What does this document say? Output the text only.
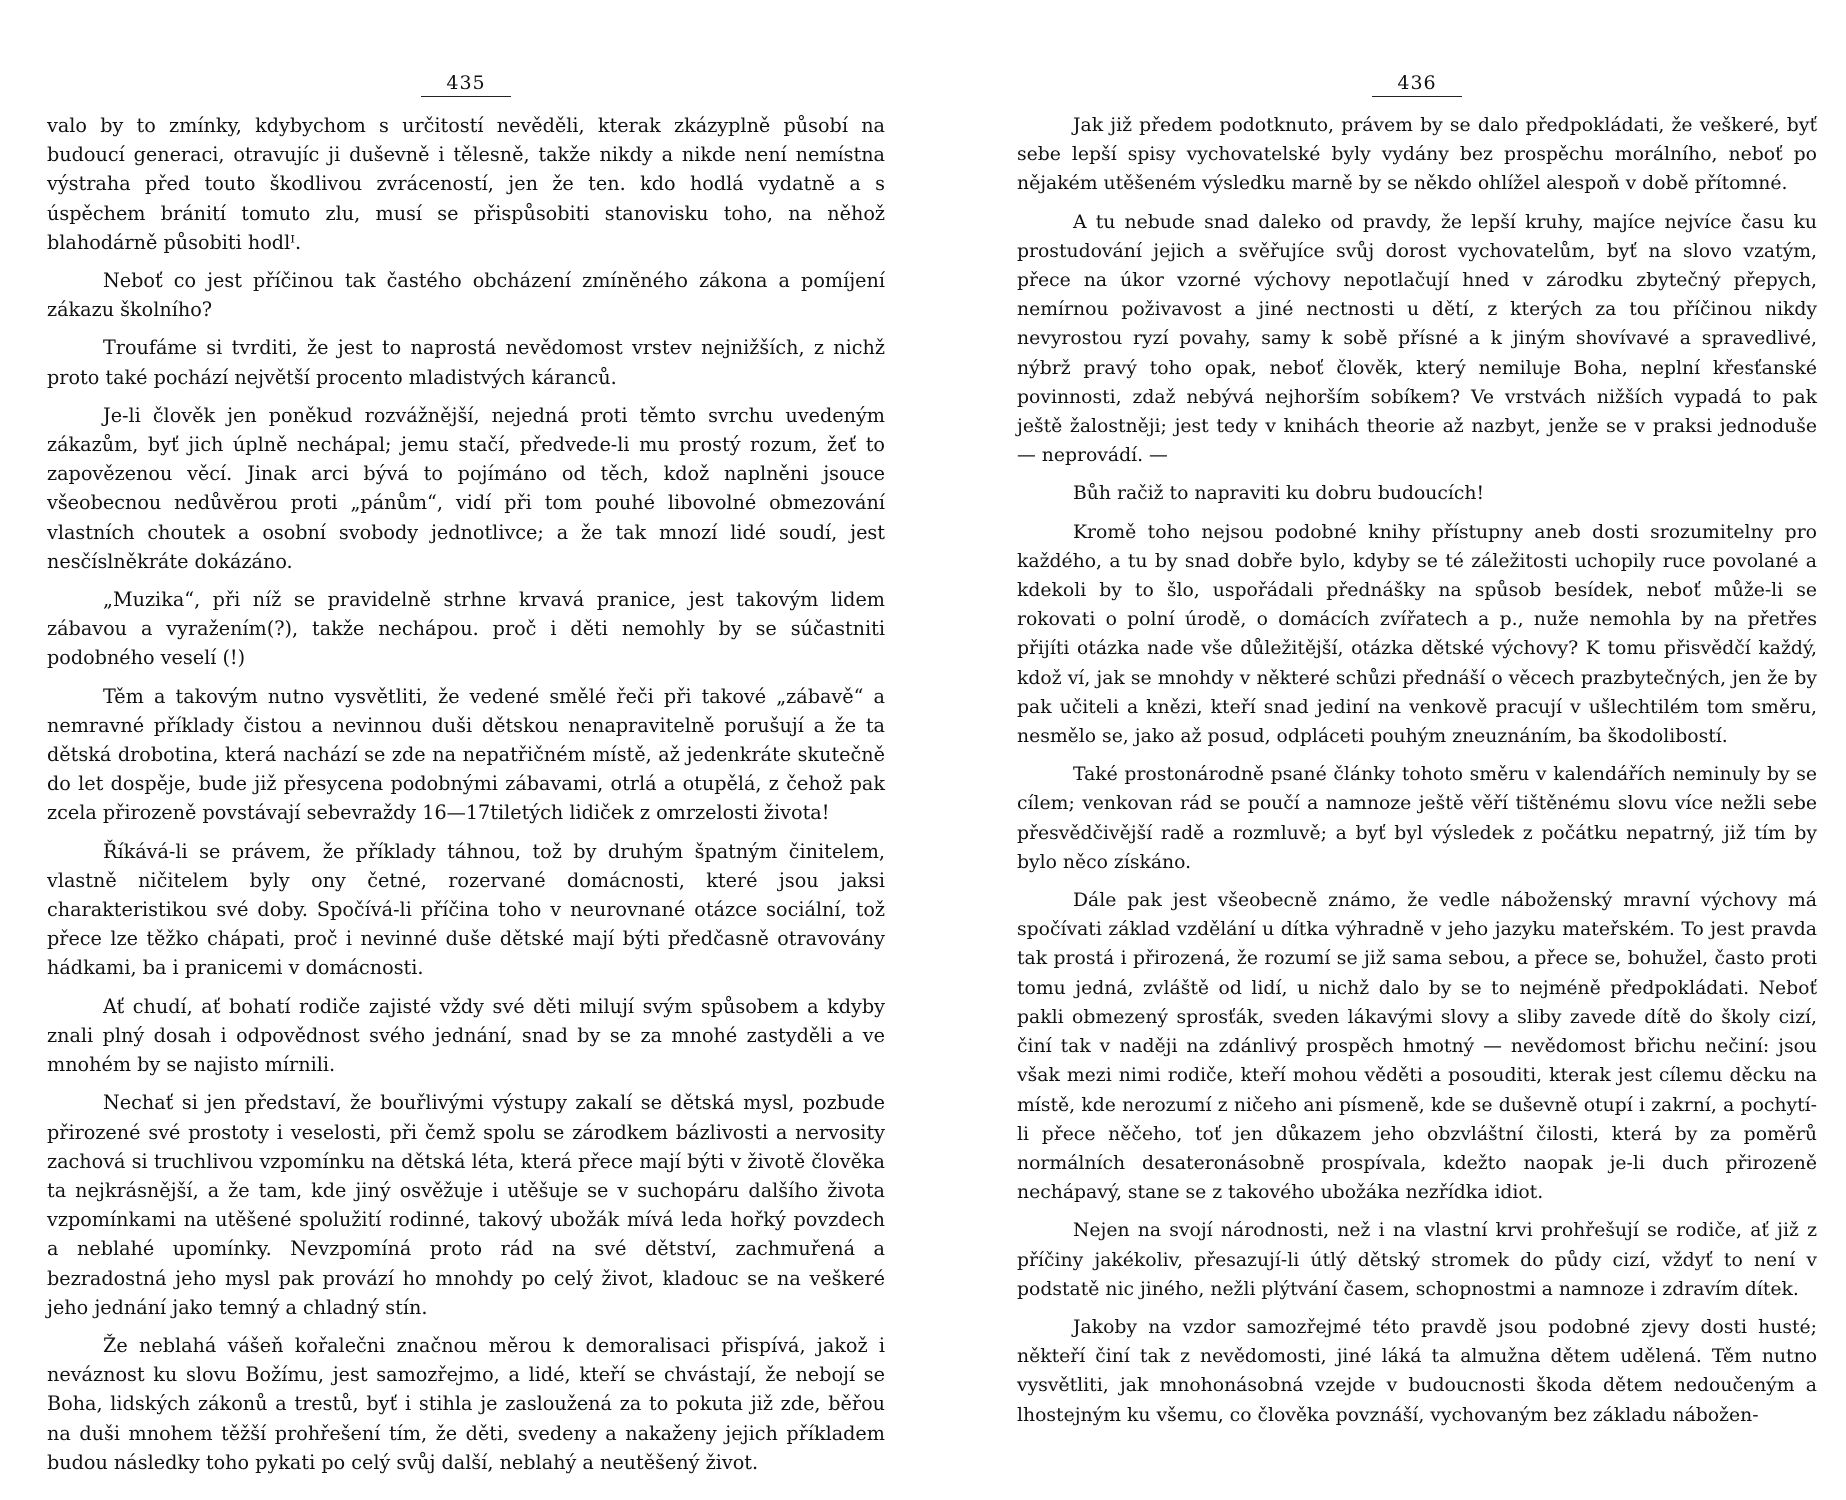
435

valo by to zmínky, kdybychom s určitostí nevěděli, kterak zkázyplně působí na budoucí generaci, otravujíc ji duševně i tělesně, takže nikdy a nikde není nemístna výstraha před touto škodlivou zvráceností, jen že ten. kdo hodlá vydatně a s úspěchem bránití tomuto zlu, musí se přispůsobiti stanovisku toho, na něhož blahodárně působiti hodlᴵ.

Neboť co jest příčinou tak častého obcházení zmíněného zákona a pomíjení zákazu školního?

Troufáme si tvrditi, že jest to naprostá nevědomost vrstev nejnižších, z nichž proto také pochází největší procento mladistvých káranců.

Je-li člověk jen poněkud rozvážnější, nejedná proti těmto svrchu uvedeným zákazům, byť jich úplně nechápal; jemu stačí, předvede-li mu prostý rozum, žeť to zapovězenou věcí. Jinak arci bývá to pojímáno od těch, kdož naplněni jsouce všeobecnou nedůvěrou proti „pánům“, vidí při tom pouhé libovolné obmezování vlastních choutek a osobní svobody jednotlivce; a že tak mnozí lidé soudí, jest nesčíslněkráte dokázáno.

„Muzika“, při níž se pravidelně strhne krvavá pranice, jest takovým lidem zábavou a vyražením(?), takže nechápou. proč i děti nemohly by se súčastniti podobného veselí (!)

Těm a takovým nutno vysvětliti, že vedené smělé řeči při takové „zábavě“ a nemravné příklady čistou a nevinnou duši dětskou nenapravitelně porušují a že ta dětská drobotina, která nachází se zde na nepatřičném místě, až jedenkráte skutečně do let dospěje, bude již přesycena podobnými zábavami, otrlá a otupělá, z čehož pak zcela přirozeně povstávají sebevraždy 16—17tiletých lidiček z omrzelosti života!

Říkává-li se právem, že příklady táhnou, tož by druhým špatným činitelem, vlastně ničitelem byly ony četné, rozervané domácnosti, které jsou jaksi charakteristikou své doby. Spočívá-li příčina toho v neurovnané otázce sociální, tož přece lze těžko chápati, proč i nevinné duše dětské mají býti předčasně otravovány hádkami, ba i pranicemi v domácnosti.

Ať chudí, ať bohatí rodiče zajisté vždy své děti milují svým spůsobem a kdyby znali plný dosah i odpovědnost svého jednání, snad by se za mnohé zastyděli a ve mnohém by se najisto mírnili.

Nechať si jen představí, že bouřlivými výstupy zakalí se dětská mysl, pozbude přirozené své prostoty i veselosti, při čemž spolu se zárodkem bázlivosti a nervosity zachová si truchlivou vzpomínku na dětská léta, která přece mají býti v životě člověka ta nejkrásnější, a že tam, kde jiný osvěžuje i utěšuje se v suchopáru dalšího života vzpomínkami na utěšené spolužití rodinné, takový ubožák mívá leda hořký povzdech a neblahé upomínky. Nevzpomíná proto rád na své dětství, zachmuřená a bezradostná jeho mysl pak provází ho mnohdy po celý život, kladouc se na veškeré jeho jednání jako temný a chladný stín.

Že neblahá vášeň kořalečni značnou měrou k demoralisaci přispívá, jakož i neváznost ku slovu Božímu, jest samozřejmo, a lidé, kteří se chvástají, že nebojí se Boha, lidských zákonů a trestů, byť i stihla je zasloužená za to pokuta již zde, běřou na duši mnohem těžší prohřešení tím, že děti, svedeny a nakaženy jejich příkladem budou následky toho pykati po celý svůj další, neblahý a neutěšený život.

436

Jak již předem podotknuto, právem by se dalo předpokládati, že veškeré, byť sebe lepší spisy vychovatelské byly vydány bez prospěchu morálního, neboť po nějakém utěšeném výsledku marně by se někdo ohlížel alespoň v době přítomné.

A tu nebude snad daleko od pravdy, že lepší kruhy, majíce nejvíce času ku prostudování jejich a svěřujíce svůj dorost vychovatelům, byť na slovo vzatým, přece na úkor vzorné výchovy nepotlačují hned v zárodku zbytečný přepych, nemírnou poživavost a jiné nectnosti u dětí, z kterých za tou příčinou nikdy nevyrostou ryzí povahy, samy k sobě přísné a k jiným shovívavé a spravedlivé, nýbrž pravý toho opak, neboť člověk, který nemiluje Boha, neplní křesťanské povinnosti, zdaž nebývá nejhorším sobíkem? Ve vrstvách nižších vypadá to pak ještě žalostněji; jest tedy v knihách theorie až nazbyt, jenže se v praksi jednoduše — neprovádí. —

Bůh račiž to napraviti ku dobru budoucích!

Kromě toho nejsou podobné knihy přístupny aneb dosti srozumitelny pro každého, a tu by snad dobře bylo, kdyby se té záležitosti uchopily ruce povolané a kdekoli by to šlo, uspořádali přednášky na spůsob besídek, neboť může-li se rokovati o polní úrodě, o domácích zvířatech a p., nuže nemohla by na přetřes přijíti otázka nade vše důležitější, otázka dětské výchovy? K tomu přisvědčí každý, kdož ví, jak se mnohdy v některé schůzi přednáší o věcech prazbytečných, jen že by pak učiteli a knězi, kteří snad jediní na venkově pracují v ušlechtilém tom směru, nesmělo se, jako až posud, odpláceti pouhým zneuznáním, ba škodolibostí.

Také prostonárodně psané články tohoto směru v kalendářích neminuly by se cílem; venkovan rád se poučí a namnoze ještě věří tištěnému slovu více nežli sebe přesvědčivější radě a rozmluvě; a byť byl výsledek z počátku nepatrný, již tím by bylo něco získáno.

Dále pak jest všeobecně známo, že vedle náboženský mravní výchovy má spočívati základ vzdělání u dítka výhradně v jeho jazyku mateřském. To jest pravda tak prostá i přirozená, že rozumí se již sama sebou, a přece se, bohužel, často proti tomu jedná, zvláště od lidí, u nichž dalo by se to nejméně předpokládati. Neboť pakli obmezený sprosťák, sveden lákavými slovy a sliby zavede dítě do školy cizí, činí tak v naději na zdánlivý prospěch hmotný — nevědomost břichu nečiní: jsou však mezi nimi rodiče, kteří mohou věděti a posouditi, kterak jest cílemu děcku na místě, kde nerozumí z ničeho ani písmeně, kde se duševně otupí i zakrní, a pochytí-li přece něčeho, toť jen důkazem jeho obzvláštní čilosti, která by za poměrů normálních desateronásobně prospívala, kdežto naopak je-li duch přirozeně nechápavý, stane se z takového ubožáka nezřídka idiot.

Nejen na svojí národnosti, než i na vlastní krvi prohřešují se rodiče, ať již z příčiny jakékoliv, přesazují-li útlý dětský stromek do půdy cizí, vždyť to není v podstatě nic jiného, nežli plýtvání časem, schopnostmi a namnoze i zdravím dítek.

Jakoby na vzdor samozřejmé této pravdě jsou podobné zjevy dosti husté; někteří činí tak z nevědomosti, jiné láká ta almužna dětem udělená. Těm nutno vysvětliti, jak mnohonásobná vzejde v budoucnosti škoda dětem nedoučeným a lhostejným ku všemu, co člověka povznáší, vychovaným bez základu nábožen-
